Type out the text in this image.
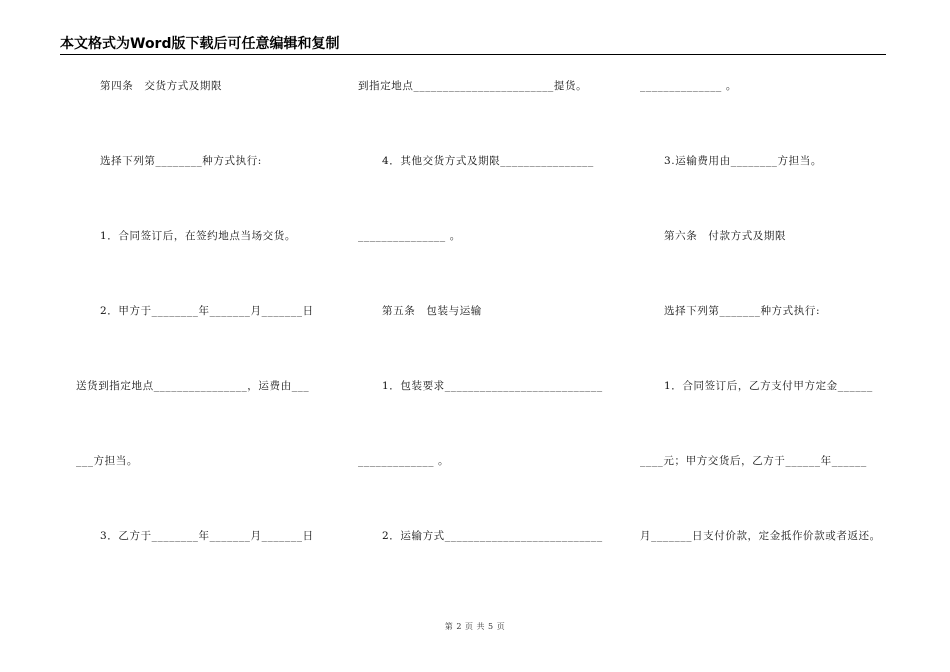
本文格式为Word版下载后可任意编辑和复制
第四条　交货方式及期限
选择下列第________种方式执行:
1．合同签订后，在签约地点当场交货。
2．甲方于________年_______月_______日
送货到指定地点________________，运费由___
___方担当。
3．乙方于________年_______月_______日
到指定地点________________________提货。
4．其他交货方式及期限________________
_______________ 。
第五条　包装与运输
1．包装要求___________________________
_____________ 。
2．运输方式___________________________
______________ 。
3.运输费用由________方担当。
第六条　付款方式及期限
选择下列第_______种方式执行:
1．合同签订后，乙方支付甲方定金______
____元；甲方交货后，乙方于______年______
月_______日支付价款，定金抵作价款或者返还。
第 2 页 共 5 页
